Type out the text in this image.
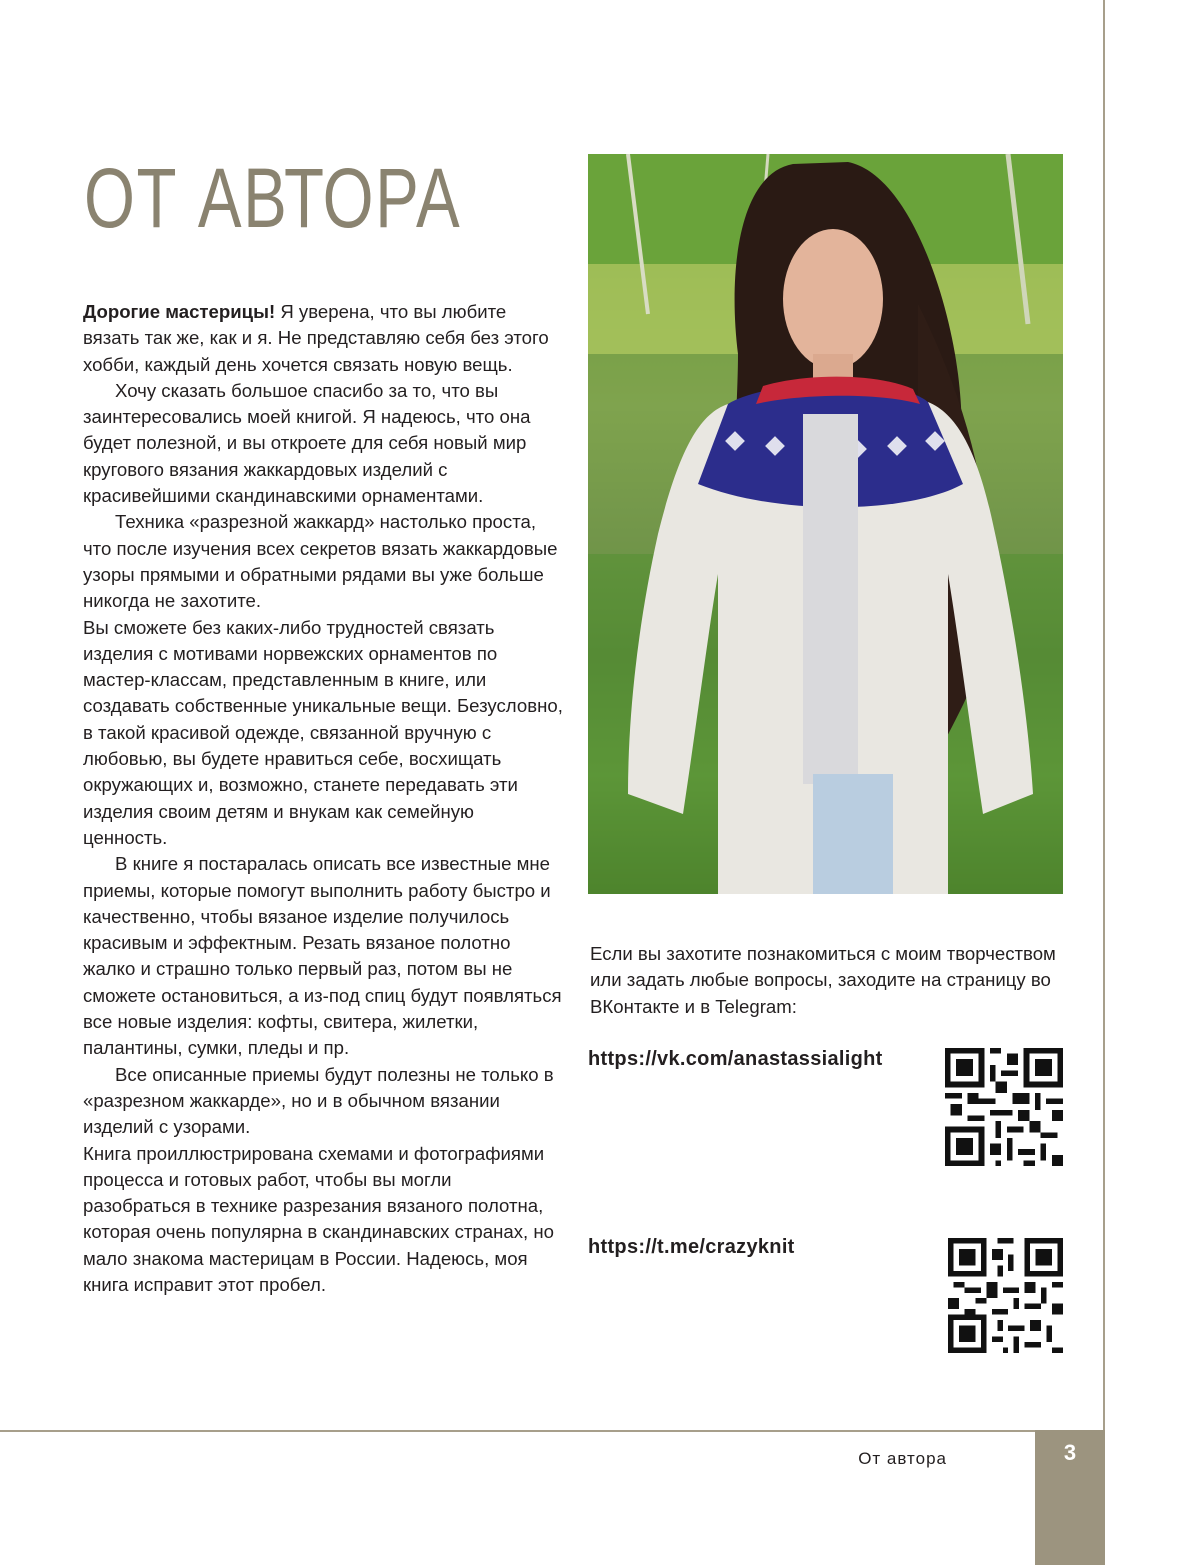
ОТ АВТОРА

Дорогие мастерицы! Я уверена, что вы любите вязать так же, как и я. Не представляю себя без этого хобби, каждый день хочется связать новую вещь.

Хочу сказать большое спасибо за то, что вы заинтересовались моей книгой. Я надеюсь, что она будет полезной, и вы откроете для себя новый мир кругового вязания жаккардовых изделий с красивейшими скандинавскими орнаментами.

Техника «разрезной жаккард» настолько проста, что после изучения всех секретов вязать жаккардовые узоры прямыми и обратными рядами вы уже больше никогда не захотите.

Вы сможете без каких-либо трудностей связать изделия с мотивами норвежских орнаментов по мастер-классам, представленным в книге, или создавать собственные уникальные вещи. Безусловно, в такой красивой одежде, связанной вручную с любовью, вы будете нравиться себе, восхищать окружающих и, возможно, станете передавать эти изделия своим детям и внукам как семейную ценность.

В книге я постаралась описать все известные мне приемы, которые помогут выполнить работу быстро и качественно, чтобы вязаное изделие получилось красивым и эффектным. Резать вязаное полотно жалко и страшно только первый раз, потом вы не сможете остановиться, а из-под спиц будут появляться все новые изделия: кофты, свитера, жилетки, палантины, сумки, пледы и пр.

Все описанные приемы будут полезны не только в «разрезном жаккарде», но и в обычном вязании изделий с узорами.

Книга проиллюстрирована схемами и фотографиями процесса и готовых работ, чтобы вы могли разобраться в технике разрезания вязаного полотна, которая очень популярна в скандинавских странах, но мало знакома мастерицам в России. Надеюсь, моя книга исправит этот пробел.

Если вы захотите познакомиться с моим творчеством или задать любые вопросы, заходите на страницу во ВКонтакте и в Telegram:
https://vk.com/anastassialight
https://t.me/crazyknit
От автора	3
